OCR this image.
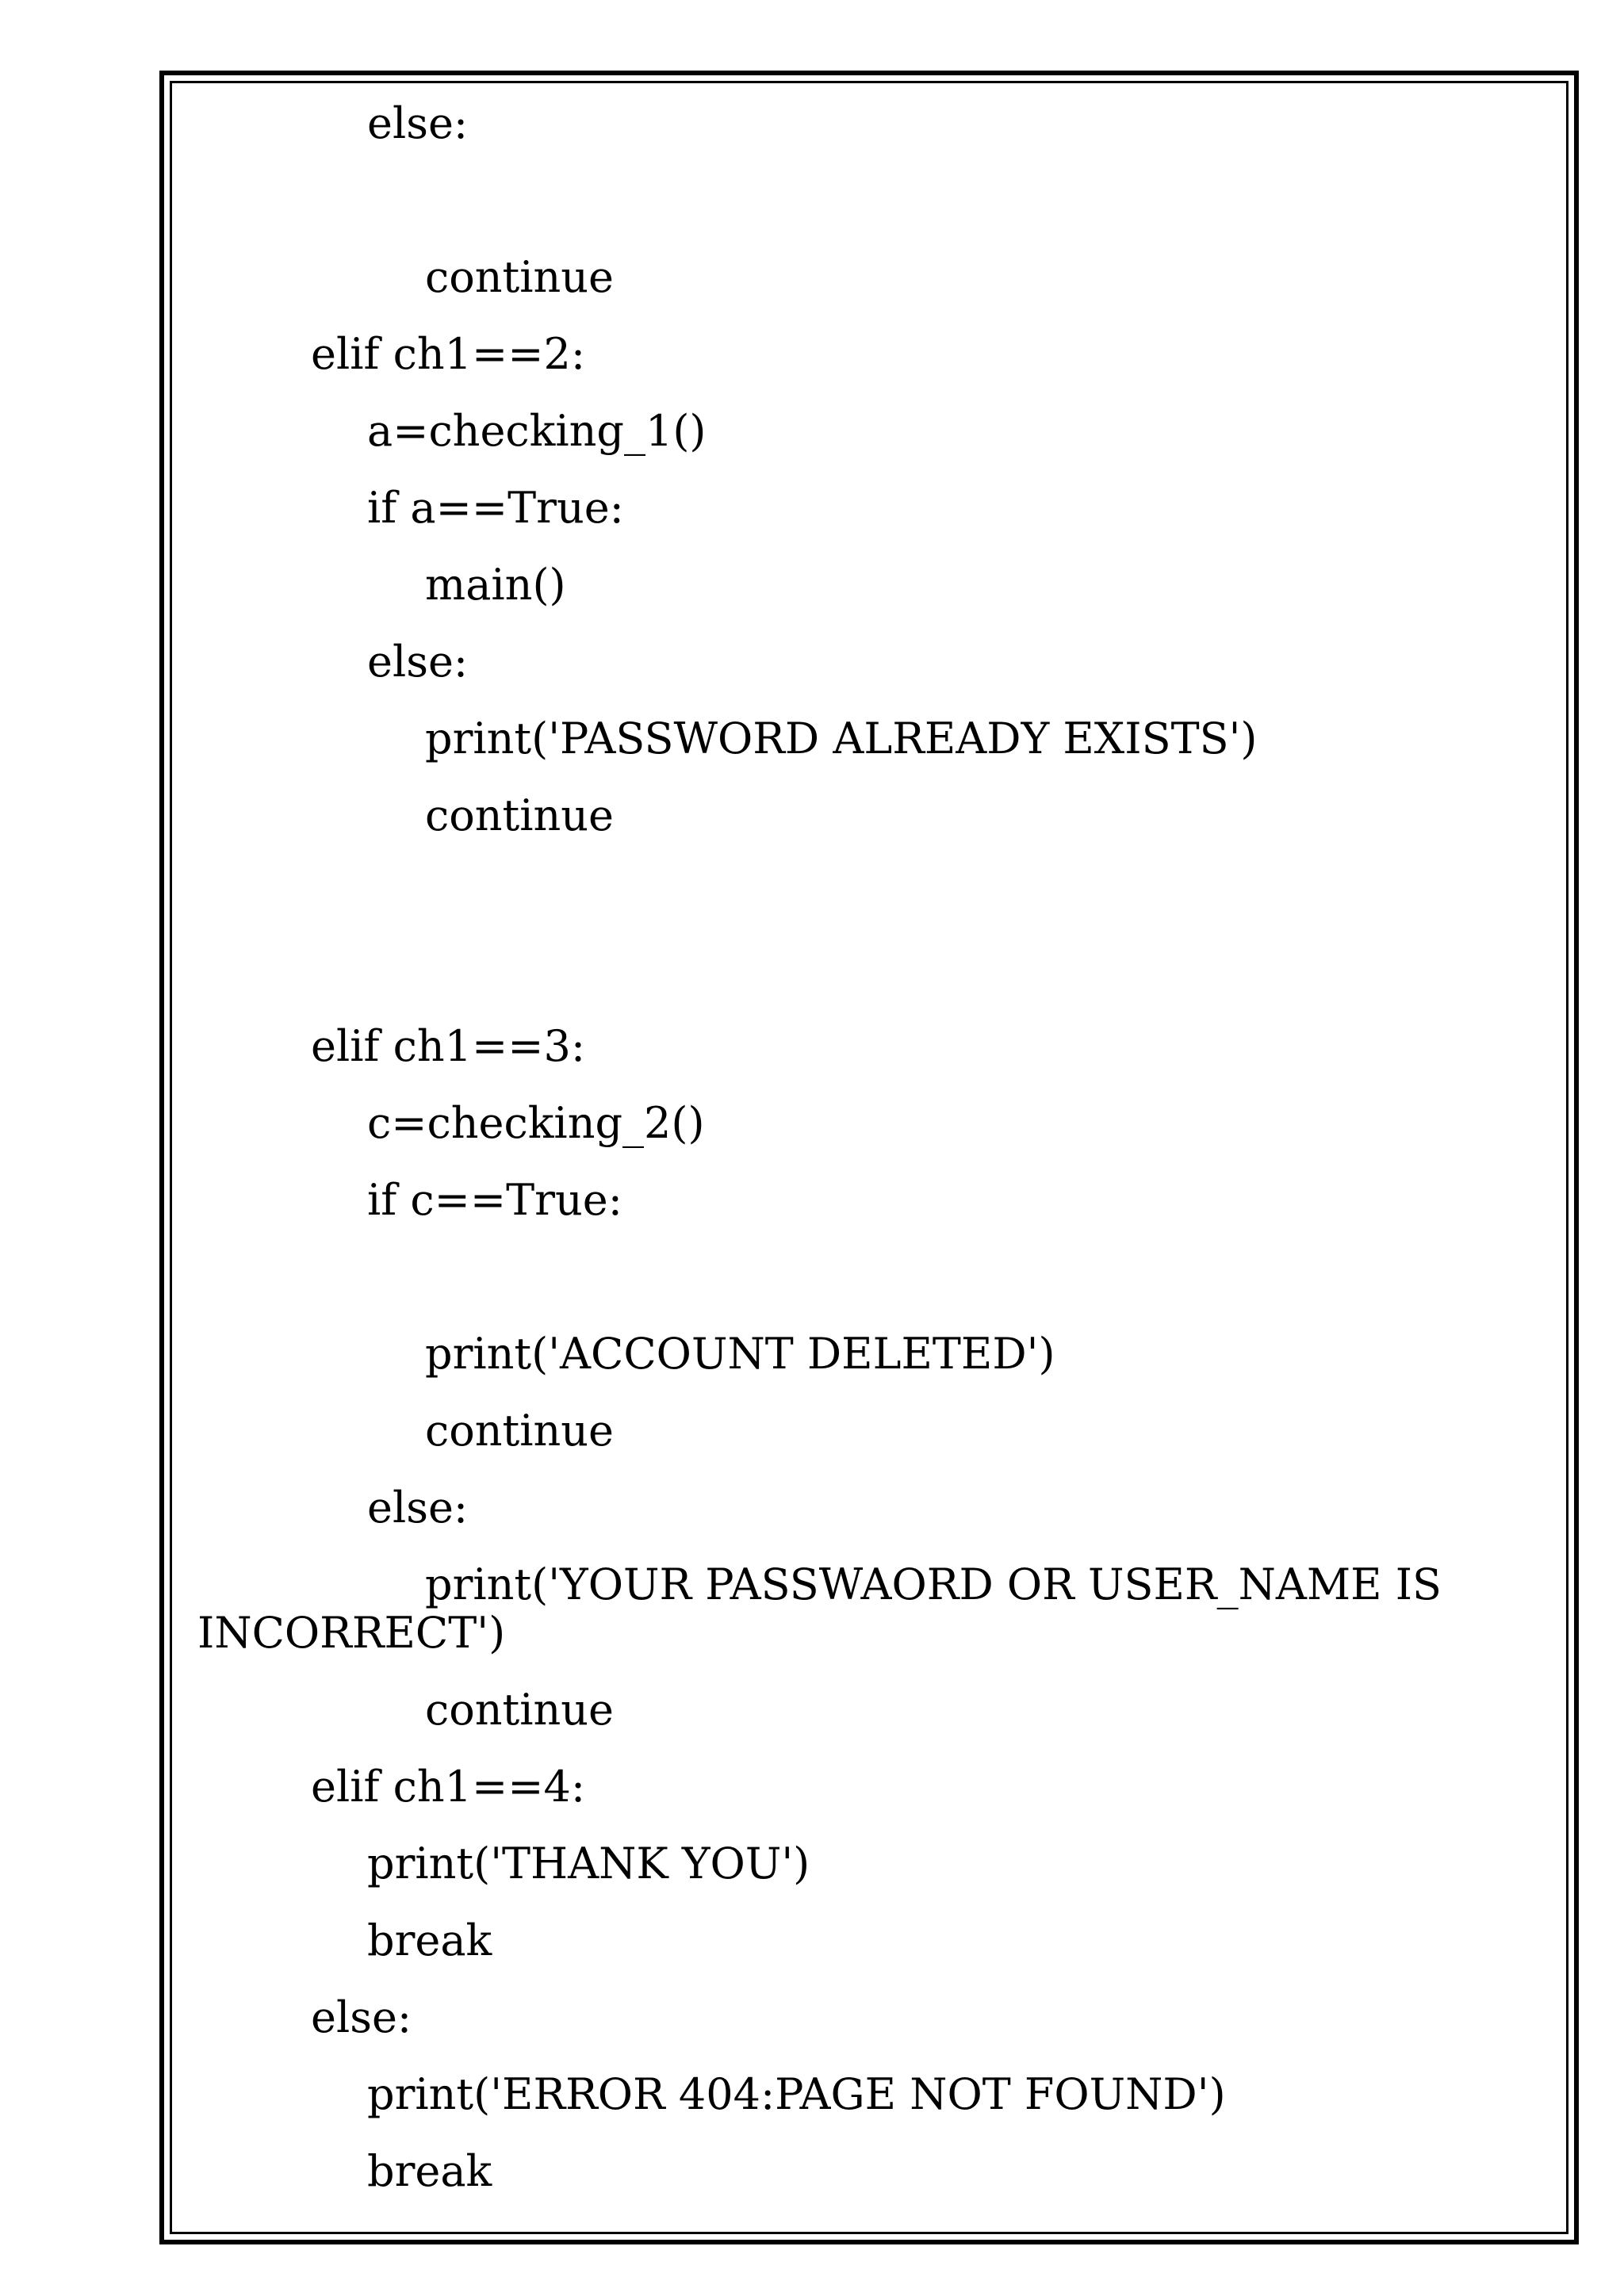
else:

continue

elif ch1==2:

a=checking_1()

if a==True:

main()

else:

print('PASSWORD ALREADY EXISTS')

continue

elif ch1==3:

c=checking_2()

if c==True:

print('ACCOUNT DELETED')

continue

else:

print('YOUR PASSWAORD OR USER_NAME IS INCORRECT')

continue

elif ch1==4:

print('THANK YOU')

break

else:

print('ERROR 404:PAGE NOT FOUND')

break
